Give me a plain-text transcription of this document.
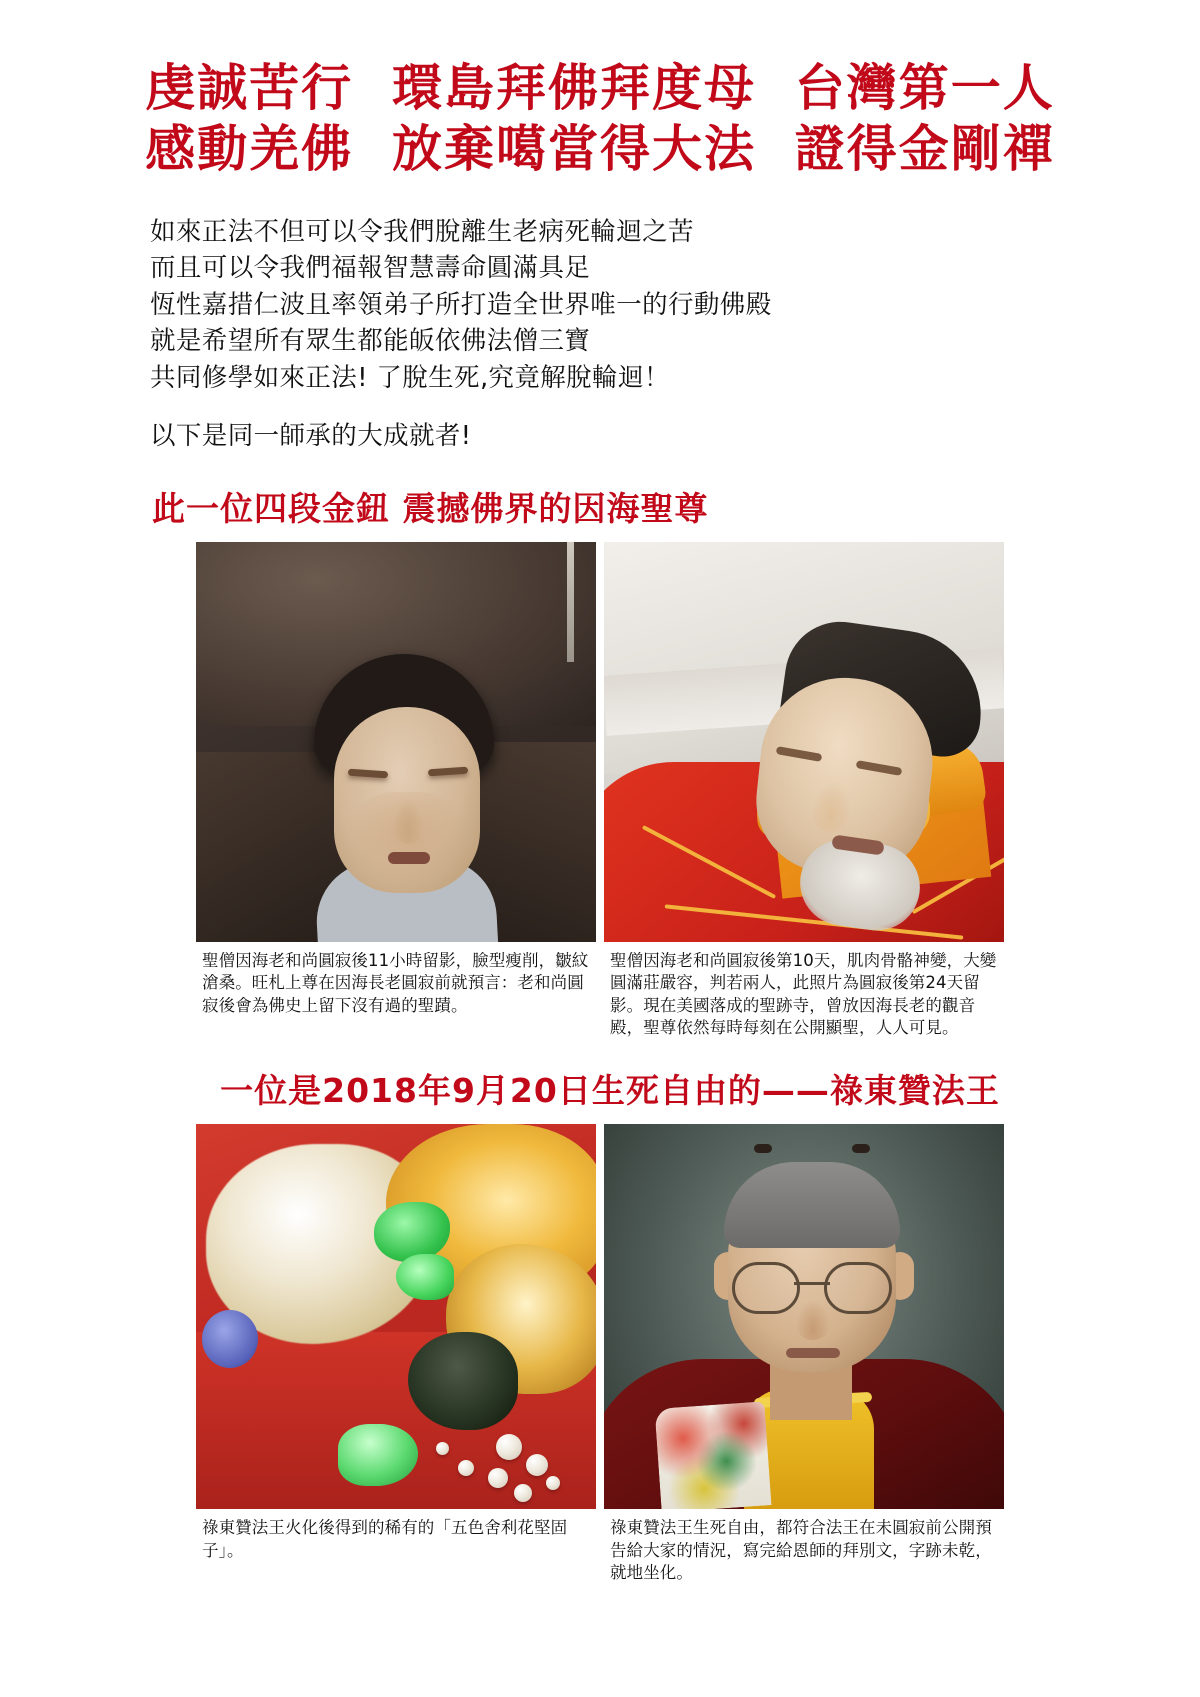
虔誠苦行  環島拜佛拜度母  台灣第一人
感動羌佛  放棄噶當得大法  證得金剛禪

如來正法不但可以令我們脫離生老病死輪迴之苦

而且可以令我們福報智慧壽命圓滿具足

恆性嘉措仁波且率領弟子所打造全世界唯一的行動佛殿

就是希望所有眾生都能皈依佛法僧三寶

共同修學如來正法! 了脫生死‚究竟解脫輪迴！

以下是同一師承的大成就者!

此一位四段金鈕 震撼佛界的因海聖尊
聖僧因海老和尚圓寂後11小時留影，臉型瘦削，皺紋滄桑。旺札上尊在因海長老圓寂前就預言：老和尚圓寂後會為佛史上留下沒有過的聖蹟。
聖僧因海老和尚圓寂後第10天，肌肉骨骼神變，大變圓滿莊嚴容，判若兩人，此照片為圓寂後第24天留影。現在美國落成的聖跡寺，曾放因海長老的觀音殿，聖尊依然每時每刻在公開顯聖，人人可見。
一位是2018年9月20日生死自由的——祿東贊法王
祿東贊法王火化後得到的稀有的「五色舍利花堅固子」。
祿東贊法王生死自由，都符合法王在未圓寂前公開預告給大家的情況，寫完給恩師的拜別文，字跡未乾，就地坐化。
